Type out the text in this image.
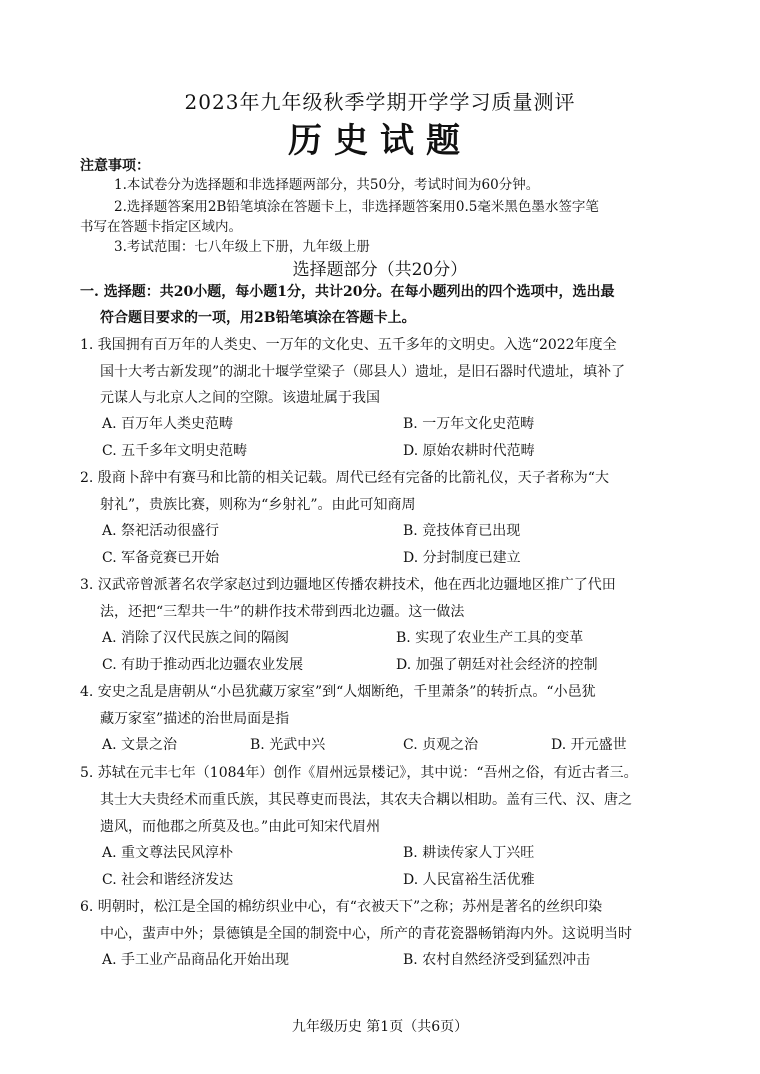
2023年九年级秋季学期开学学习质量测评
历史试题
注意事项：
1.本试卷分为选择题和非选择题两部分，共50分，考试时间为60分钟。
2.选择题答案用2B铅笔填涂在答题卡上，非选择题答案用0.5毫米黑色墨水签字笔
书写在答题卡指定区域内。
3.考试范围：七八年级上下册，九年级上册
选择题部分（共20分）
一. 选择题：共20小题，每小题1分，共计20分。在每小题列出的四个选项中，选出最
符合题目要求的一项，用2B铅笔填涂在答题卡上。
1. 我国拥有百万年的人类史、一万年的文化史、五千多年的文明史。入选“2022年度全
国十大考古新发现”的湖北十堰学堂梁子（郧县人）遗址，是旧石器时代遗址，填补了
元谋人与北京人之间的空隙。该遗址属于我国
A. 百万年人类史范畴	B. 一万年文化史范畴
C. 五千多年文明史范畴	D. 原始农耕时代范畴
2. 殷商卜辞中有赛马和比箭的相关记载。周代已经有完备的比箭礼仪，天子者称为“大
射礼”，贵族比赛，则称为“乡射礼”。由此可知商周
A. 祭祀活动很盛行	B. 竞技体育已出现
C. 军备竞赛已开始	D. 分封制度已建立
3. 汉武帝曾派著名农学家赵过到边疆地区传播农耕技术，他在西北边疆地区推广了代田
法，还把“三犁共一牛”的耕作技术带到西北边疆。这一做法
A. 消除了汉代民族之间的隔阂	B. 实现了农业生产工具的变革
C. 有助于推动西北边疆农业发展	D. 加强了朝廷对社会经济的控制
4. 安史之乱是唐朝从“小邑犹藏万家室”到“人烟断绝，千里萧条”的转折点。“小邑犹
藏万家室”描述的治世局面是指
A. 文景之治	B. 光武中兴	C. 贞观之治	D. 开元盛世
5. 苏轼在元丰七年（1084年）创作《眉州远景楼记》，其中说：“吾州之俗，有近古者三。
其士大夫贵经术而重氏族，其民尊吏而畏法，其农夫合耦以相助。盖有三代、汉、唐之
遗风，而他郡之所莫及也。”由此可知宋代眉州
A. 重文尊法民风淳朴	B. 耕读传家人丁兴旺
C. 社会和谐经济发达	D. 人民富裕生活优雅
6. 明朝时，松江是全国的棉纺织业中心，有“衣被天下”之称；苏州是著名的丝织印染
中心，蜚声中外；景德镇是全国的制瓷中心，所产的青花瓷器畅销海内外。这说明当时
A. 手工业产品商品化开始出现	B. 农村自然经济受到猛烈冲击
九年级历史 第1页（共6页）
